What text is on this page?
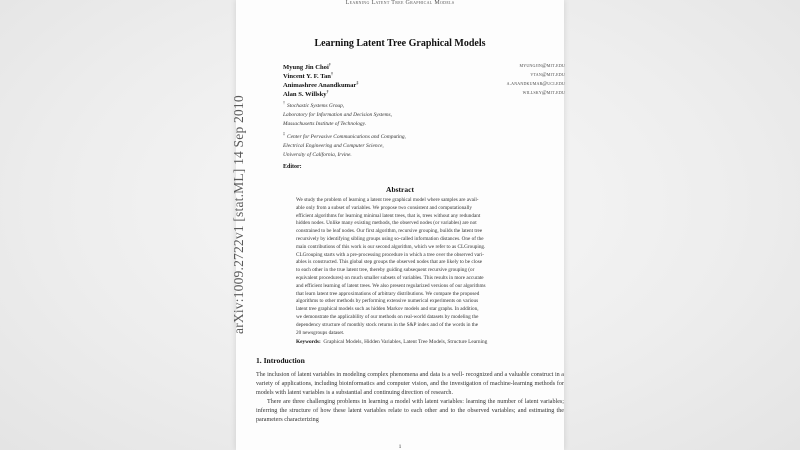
arXiv:1009.2722v1 [stat.ML] 14 Sep 2010
Learning Latent Tree Graphical Models
Learning Latent Tree Graphical Models
Myung Jin Choi†	myungjin@mit.edu
Vincent Y. F. Tan†	vtan@mit.edu
Animashree Anandkumar‡	a.anandkumar@uci.edu
Alan S. Willsky†	willsky@mit.edu
†Stochastic Systems Group,
Laboratory for Information and Decision Systems,
Massachusetts Institute of Technology.
‡Center for Pervasive Communications and Computing,
Electrical Engineering and Computer Science,
University of California, Irvine.
Editor:
Abstract
We study the problem of learning a latent tree graphical model where samples are avail-
able only from a subset of variables. We propose two consistent and computationally
efficient algorithms for learning minimal latent trees, that is, trees without any redundant
hidden nodes. Unlike many existing methods, the observed nodes (or variables) are not
constrained to be leaf nodes. Our first algorithm, recursive grouping, builds the latent tree
recursively by identifying sibling groups using so-called information distances. One of the
main contributions of this work is our second algorithm, which we refer to as CLGrouping.
CLGrouping starts with a pre-processing procedure in which a tree over the observed vari-
ables is constructed. This global step groups the observed nodes that are likely to be close
to each other in the true latent tree, thereby guiding subsequent recursive grouping (or
equivalent procedures) on much smaller subsets of variables. This results in more accurate
and efficient learning of latent trees. We also present regularized versions of our algorithms
that learn latent tree approximations of arbitrary distributions. We compare the proposed
algorithms to other methods by performing extensive numerical experiments on various
latent tree graphical models such as hidden Markov models and star graphs. In addition,
we demonstrate the applicability of our methods on real-world datasets by modeling the
dependency structure of monthly stock returns in the S&P index and of the words in the
20 newsgroups dataset.
Keywords: Graphical Models, Hidden Variables, Latent Tree Models, Structure Learning
1. Introduction

The inclusion of latent variables in modeling complex phenomena and data is a well- recognized and a valuable construct in a variety of applications, including bioinformatics and computer vision, and the investigation of machine-learning methods for models with latent variables is a substantial and continuing direction of research.

There are three challenging problems in learning a model with latent variables: learning the number of latent variables; inferring the structure of how these latent variables relate to each other and to the observed variables; and estimating the parameters characterizing

1
